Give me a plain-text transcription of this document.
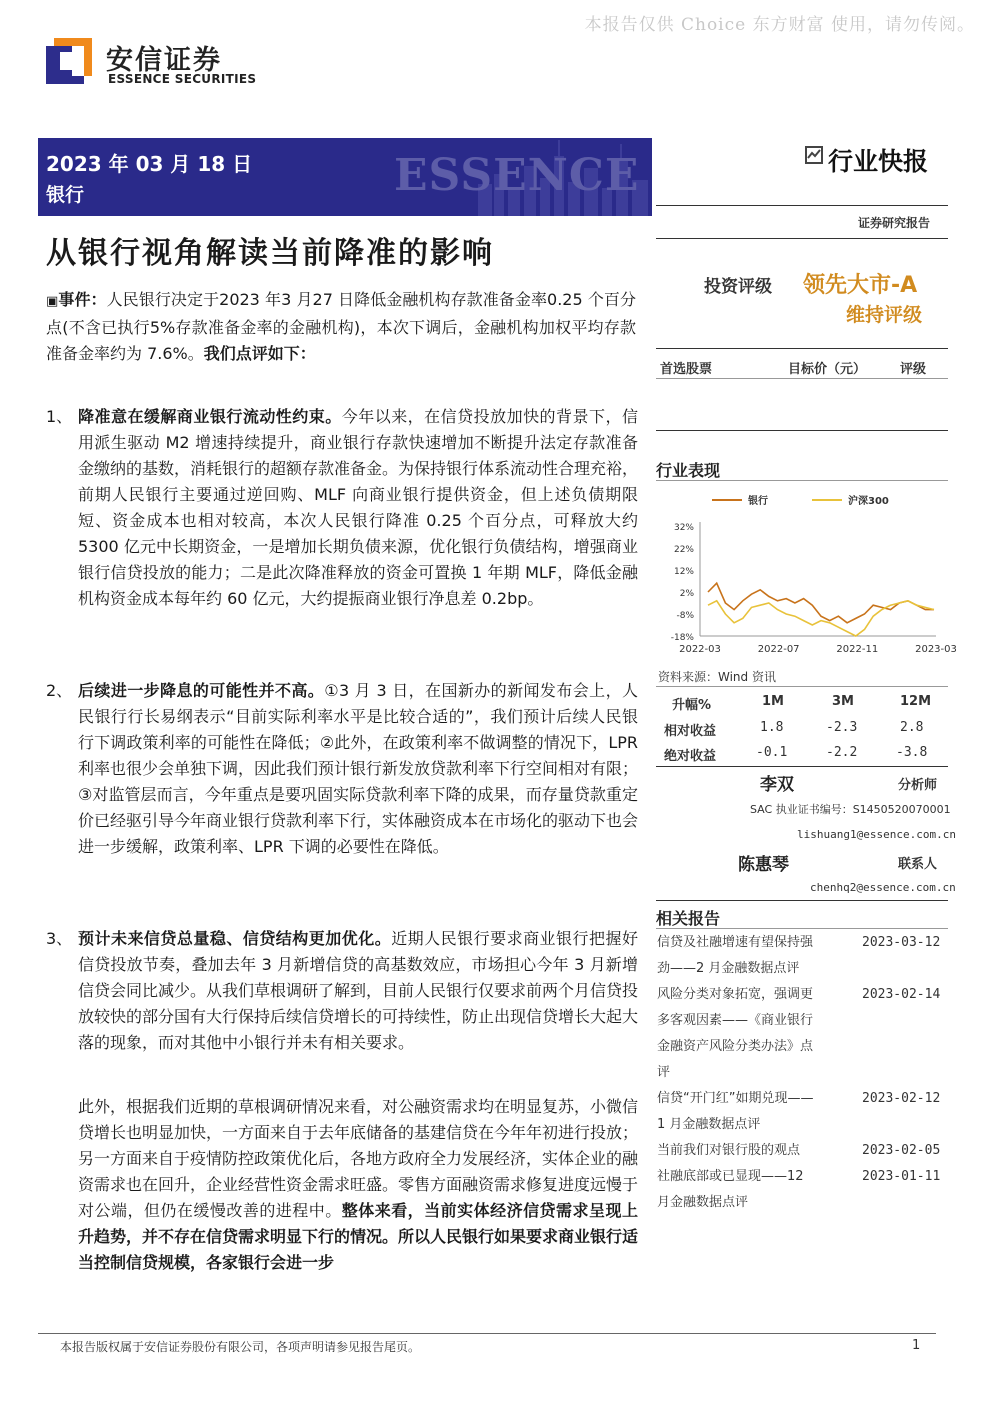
本报告仅供 Choice 东方财富 使用，请勿传阅。
安信证券
ESSENCE SECURITIES
ESSENCE
2023 年 03 月 18 日
银行
行业快报
证券研究报告
从银行视角解读当前降准的影响
▣事件：人民银行决定于2023 年3 月27 日降低金融机构存款准备金率0.25 个百分点(不含已执行5%存款准备金率的金融机构)，本次下调后，金融机构加权平均存款准备金率约为 7.6%。我们点评如下：
1、 降准意在缓解商业银行流动性约束。今年以来，在信贷投放加快的背景下，信用派生驱动 M2 增速持续提升，商业银行存款快速增加不断提升法定存款准备金缴纳的基数，消耗银行的超额存款准备金。为保持银行体系流动性合理充裕，前期人民银行主要通过逆回购、MLF 向商业银行提供资金，但上述负债期限短、资金成本也相对较高，本次人民银行降准 0.25 个百分点，可释放大约5300 亿元中长期资金，一是增加长期负债来源，优化银行负债结构，增强商业银行信贷投放的能力；二是此次降准释放的资金可置换 1 年期 MLF，降低金融机构资金成本每年约 60 亿元，大约提振商业银行净息差 0.2bp。
2、 后续进一步降息的可能性并不高。①3 月 3 日，在国新办的新闻发布会上，人民银行行长易纲表示“目前实际利率水平是比较合适的”，我们预计后续人民银行下调政策利率的可能性在降低；②此外，在政策利率不做调整的情况下，LPR 利率也很少会单独下调，因此我们预计银行新发放贷款利率下行空间相对有限；③对监管层而言，今年重点是要巩固实际贷款利率下降的成果，而存量贷款重定价已经驱引导今年商业银行贷款利率下行，实体融资成本在市场化的驱动下也会进一步缓解，政策利率、LPR 下调的必要性在降低。
3、 预计未来信贷总量稳、信贷结构更加优化。近期人民银行要求商业银行把握好信贷投放节奏，叠加去年 3 月新增信贷的高基数效应，市场担心今年 3 月新增信贷会同比减少。从我们草根调研了解到，目前人民银行仅要求前两个月信贷投放较快的部分国有大行保持后续信贷增长的可持续性，防止出现信贷增长大起大落的现象，而对其他中小银行并未有相关要求。
此外，根据我们近期的草根调研情况来看，对公融资需求均在明显复苏，小微信贷增长也明显加快，一方面来自于去年底储备的基建信贷在今年年初进行投放；另一方面来自于疫情防控政策优化后，各地方政府全力发展经济，实体企业的融资需求也在回升，企业经营性资金需求旺盛。零售方面融资需求修复进度远慢于对公端，但仍在缓慢改善的进程中。整体来看，当前实体经济信贷需求呈现上升趋势，并不存在信贷需求明显下行的情况。所以人民银行如果要求商业银行适当控制信贷规模，各家银行会进一步
投资评级 领先大市-A
维持评级
首选股票	目标价（元）	评级
行业表现
银行	沪深300
32%
22%
12%
2%
-8%
-18%
2022-03	2022-07	2022-11	2023-03
资料来源：Wind 资讯
升幅%	1M	3M	12M
相对收益	1.8	-2.3	2.8
绝对收益	-0.1	-2.2	-3.8
李双	分析师
SAC 执业证书编号：S1450520070001
lishuang1@essence.com.cn
陈惠琴	联系人
chenhq2@essence.com.cn
相关报告
信贷及社融增速有望保持强
劲——2 月金融数据点评
2023-03-12
风险分类对象拓宽，强调更
多客观因素——《商业银行
金融资产风险分类办法》点
评
2023-02-14
信贷“开门红”如期兑现——
1 月金融数据点评
2023-02-12
当前我们对银行股的观点	2023-02-05
社融底部或已显现——12
月金融数据点评
2023-01-11
本报告版权属于安信证券股份有限公司，各项声明请参见报告尾页。	1
